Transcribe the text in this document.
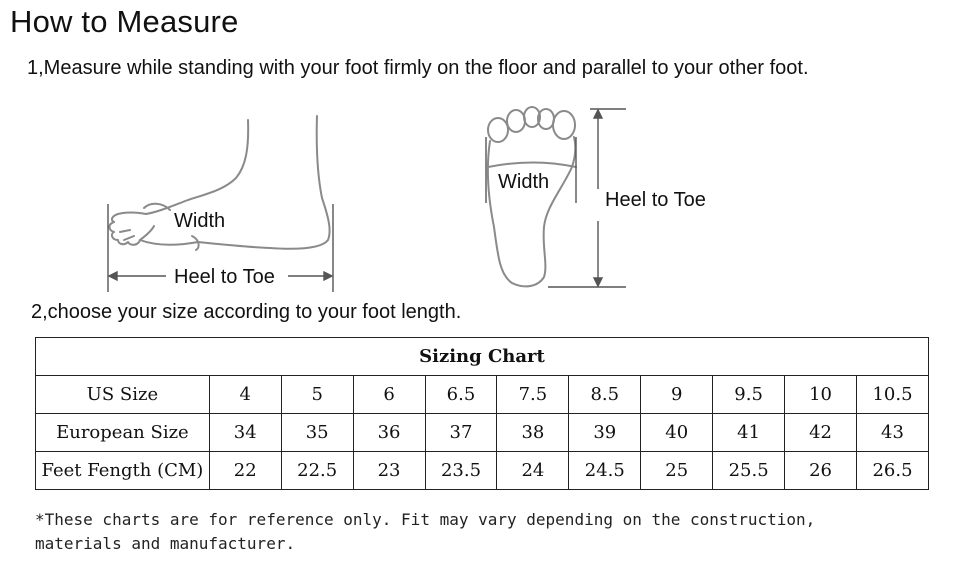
How to Measure
1,Measure while standing with your foot firmly on the floor and parallel to your other foot.
Width
Heel to Toe
Width
Heel to Toe
2,choose your size according to your foot length.
Sizing Chart										
US Size	4	5	6	6.5	7.5	8.5	9	9.5	10	10.5
European Size	34	35	36	37	38	39	40	41	42	43
Feet Fength (CM)	22	22.5	23	23.5	24	24.5	25	25.5	26	26.5
*These charts are for reference only. Fit may vary depending on the construction,
materials and manufacturer.
